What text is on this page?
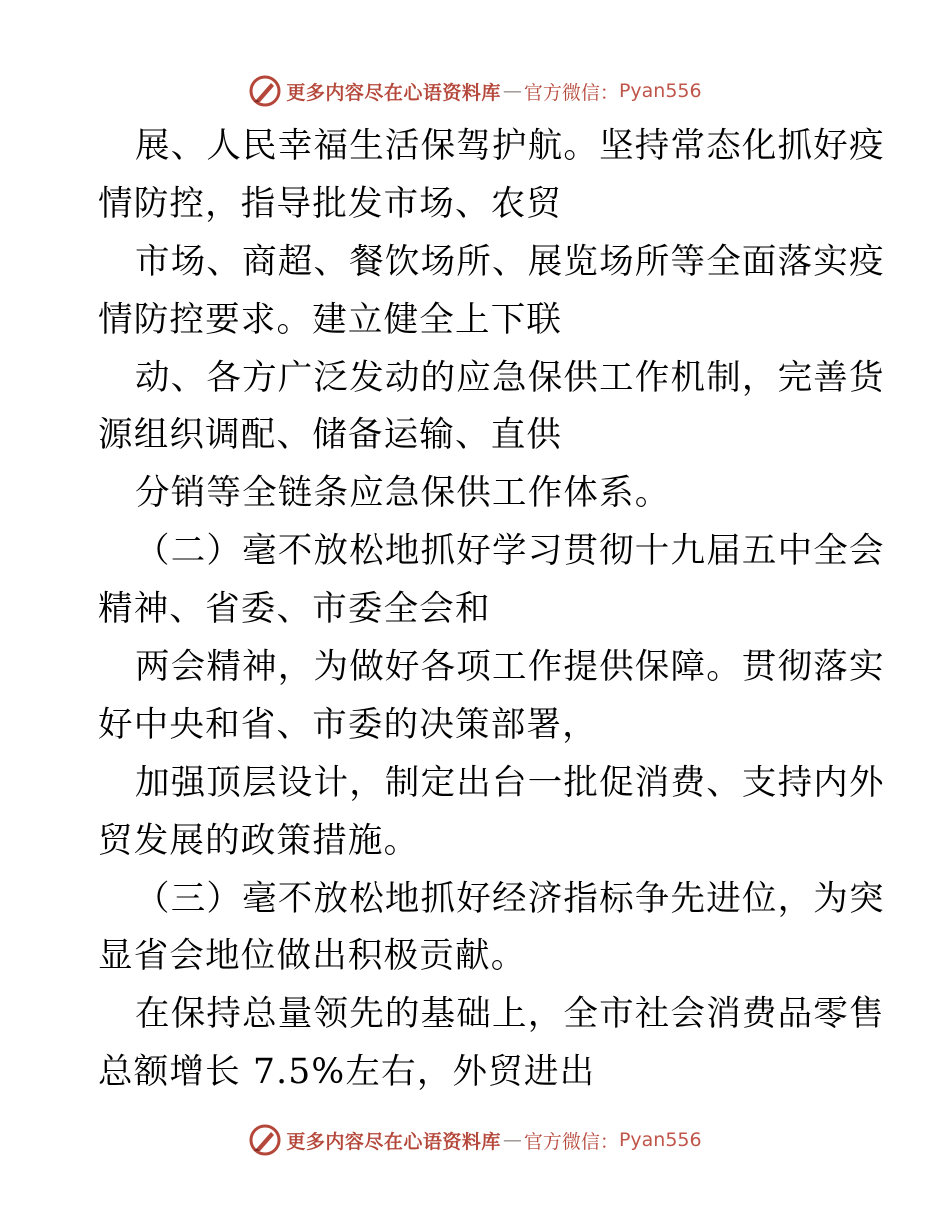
更多内容尽在心语资料库 — 官方微信： Pyan556
展、人民幸福生活保驾护航。坚持常态化抓好疫
情防控，指导批发市场、农贸
市场、商超、餐饮场所、展览场所等全面落实疫
情防控要求。建立健全上下联
动、各方广泛发动的应急保供工作机制，完善货
源组织调配、储备运输、直供
分销等全链条应急保供工作体系。
（二）毫不放松地抓好学习贯彻十九届五中全会
精神、省委、市委全会和
两会精神，为做好各项工作提供保障。贯彻落实
好中央和省、市委的决策部署，
加强顶层设计，制定出台一批促消费、支持内外
贸发展的政策措施。
（三）毫不放松地抓好经济指标争先进位，为突
显省会地位做出积极贡献。
在保持总量领先的基础上，全市社会消费品零售
总额增长 7.5%左右，外贸进出
更多内容尽在心语资料库 — 官方微信： Pyan556
